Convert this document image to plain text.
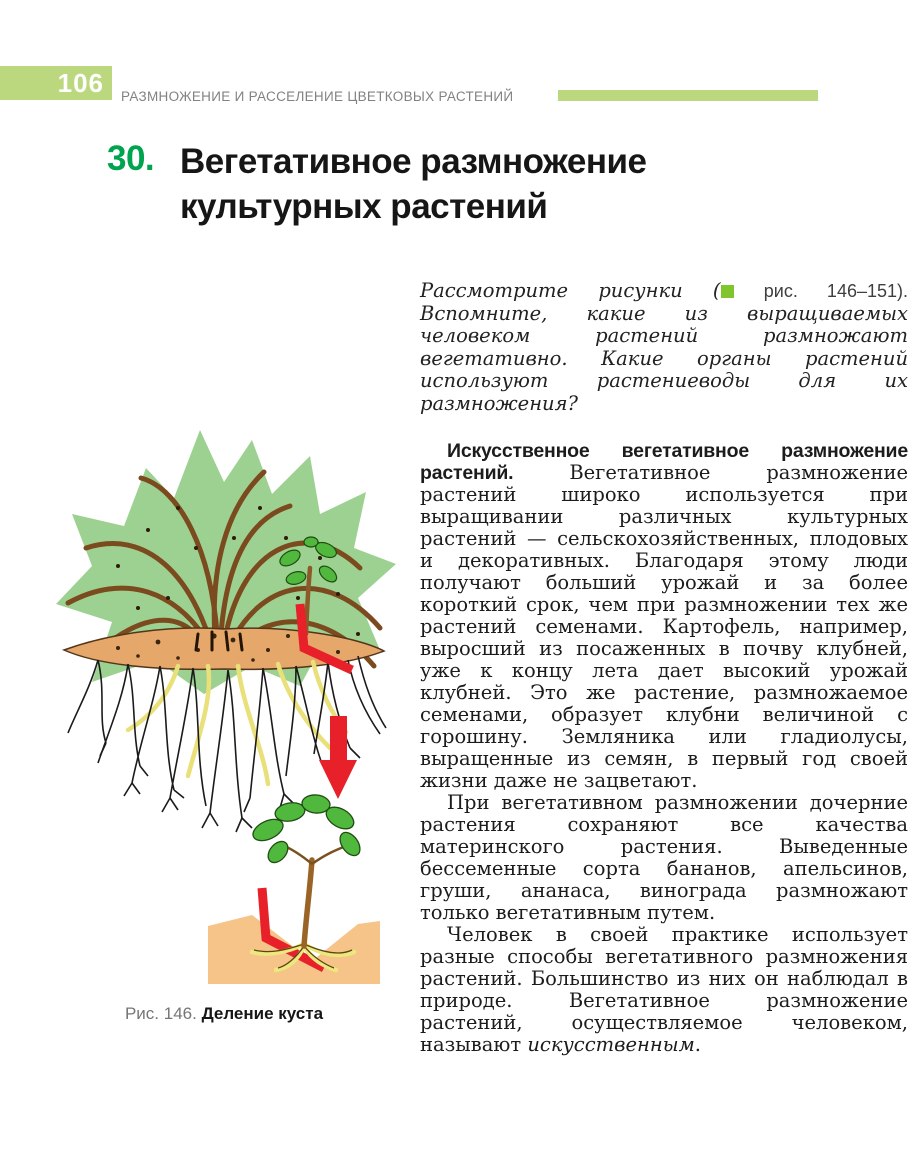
106	РАЗМНОЖЕНИЕ И РАССЕЛЕНИЕ ЦВЕТКОВЫХ РАСТЕНИЙ
30. Вегетативное размножение
культурных растений
Рис. 146. Деление куста

Рассмотрите рисунки ( рис. 146–151). Вспомните, какие из выращиваемых человеком растений размножают вегетативно. Какие органы растений используют растениеводы для их размножения?

Искусственное вегетативное размножение растений.	Вегетативное размножение растений широко используется при выращивании различных культурных растений — сельскохозяйственных, плодовых и декоративных. Благодаря этому люди получают больший урожай и за более короткий срок, чем при размножении тех же растений семенами. Картофель, например, выросший из посаженных в почву клубней, уже к концу лета дает высокий урожай клубней. Это же растение, размножаемое семенами, образует клубни величиной с горошину. Земляника или гладиолусы, выращенные из семян, в первый год своей жизни даже не зацветают.

При вегетативном размножении дочерние растения сохраняют все качества материнского растения. Выведенные бессеменные сорта бананов, апельсинов, груши, ананаса, винограда размножают только вегетативным путем.

Человек в своей практике использует разные способы вегетативного размножения растений. Большинство из них он наблюдал в природе. Вегетативное размножение растений, осуществляемое человеком, называют искусственным.
